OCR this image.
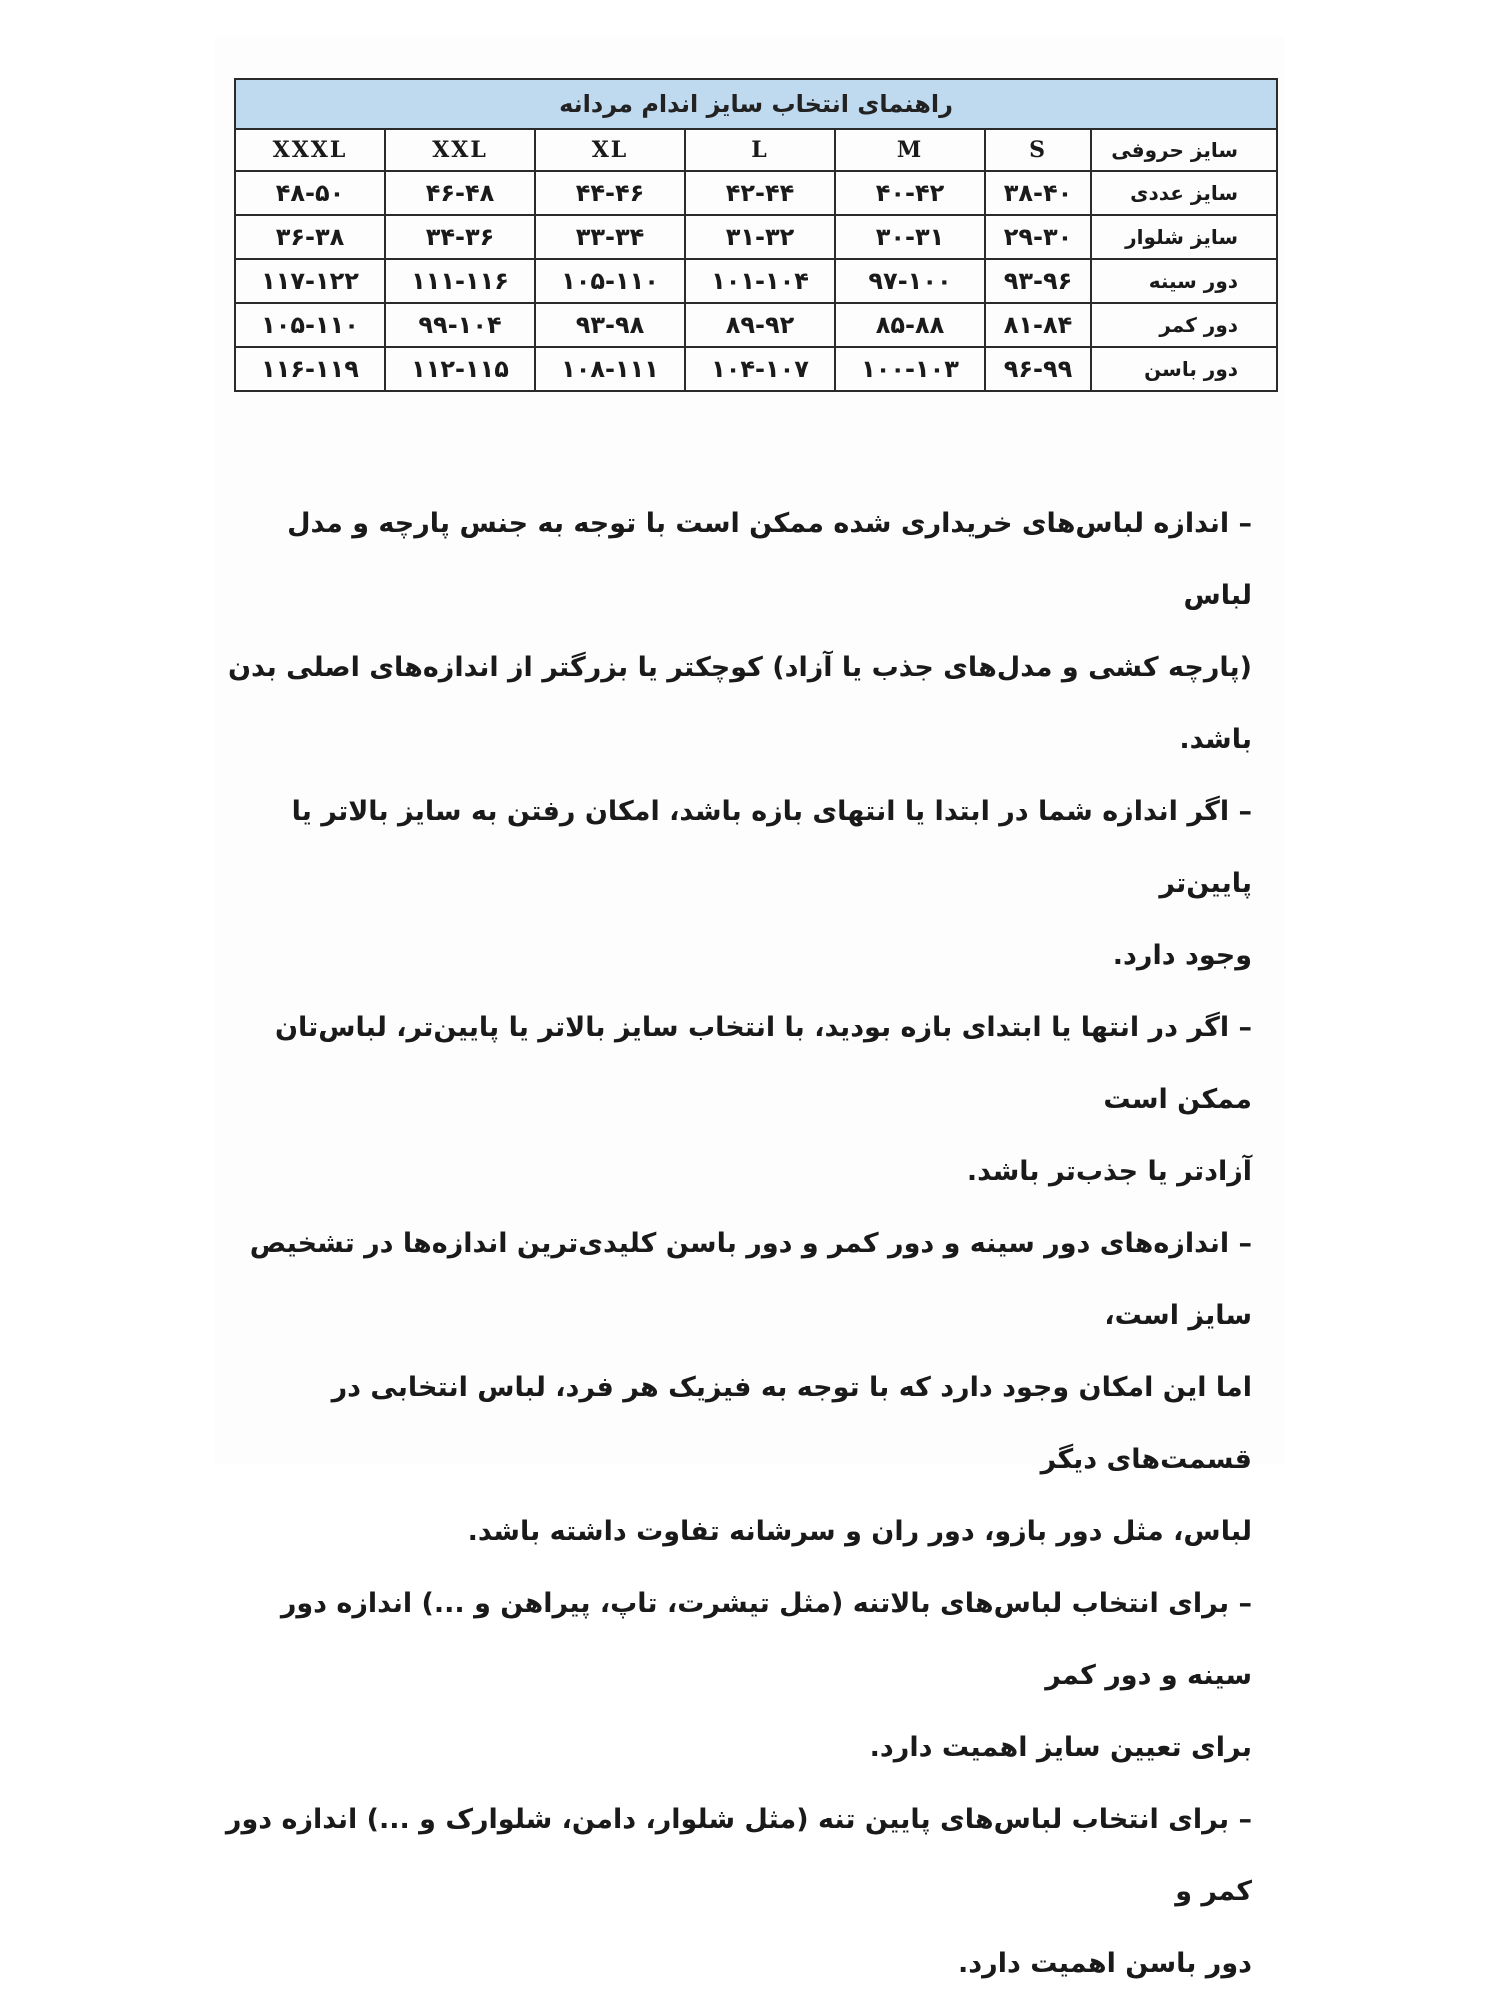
راهنمای انتخاب سایز اندام مردانه						
سایز حروفی	S	M	L	XL	XXL	XXXL
سایز عددی	۳۸-۴۰	۴۰-۴۲	۴۲-۴۴	۴۴-۴۶	۴۶-۴۸	۴۸-۵۰
سایز شلوار	۲۹-۳۰	۳۰-۳۱	۳۱-۳۲	۳۳-۳۴	۳۴-۳۶	۳۶-۳۸
دور سینه	۹۳-۹۶	۹۷-۱۰۰	۱۰۱-۱۰۴	۱۰۵-۱۱۰	۱۱۱-۱۱۶	۱۱۷-۱۲۲
دور کمر	۸۱-۸۴	۸۵-۸۸	۸۹-۹۲	۹۳-۹۸	۹۹-۱۰۴	۱۰۵-۱۱۰
دور باسن	۹۶-۹۹	۱۰۰-۱۰۳	۱۰۴-۱۰۷	۱۰۸-۱۱۱	۱۱۲-۱۱۵	۱۱۶-۱۱۹

– اندازه لباس‌های خریداری شده ممکن است با توجه به جنس پارچه و مدل لباس

(پارچه کشی و مدل‌های جذب یا آزاد) کوچکتر یا بزرگتر از اندازه‌های اصلی بدن باشد.

– اگر اندازه شما در ابتدا یا انتهای بازه باشد، امکان رفتن به سایز بالاتر یا پایین‌تر

وجود دارد.

– اگر در انتها یا ابتدای بازه بودید، با انتخاب سایز بالاتر یا پایین‌تر، لباس‌تان ممکن است

آزادتر یا جذب‌تر باشد.

– اندازه‌های دور سینه و دور کمر و دور باسن کلیدی‌ترین اندازه‌ها در تشخیص سایز است،

اما این امکان وجود دارد که با توجه به فیزیک هر فرد، لباس انتخابی در قسمت‌های دیگر

لباس، مثل دور بازو، دور ران و سرشانه تفاوت داشته باشد.

– برای انتخاب لباس‌های بالاتنه (مثل تیشرت، تاپ، پیراهن و ...) اندازه دور سینه و دور کمر

برای تعیین سایز اهمیت دارد.

– برای انتخاب لباس‌های پایین تنه (مثل شلوار، دامن، شلوارک و ...) اندازه دور کمر و

دور باسن اهمیت دارد.
